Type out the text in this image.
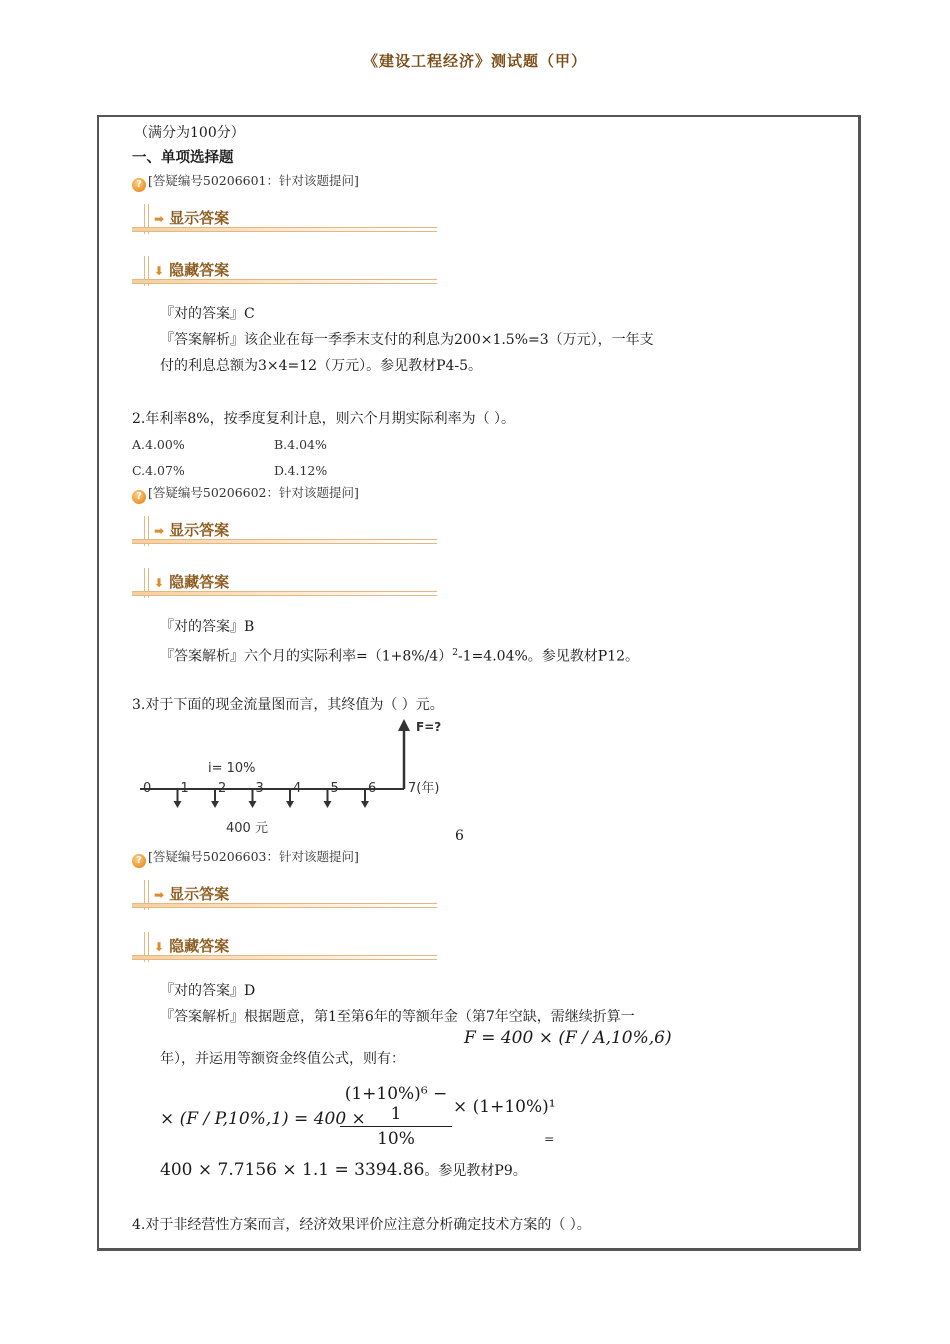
《建设工程经济》测试题（甲）
（满分为100分）
一、单项选择题
? [答疑编号50206601：针对该题提问]
➡ 显示答案
⬇ 隐藏答案
『对的答案』C
『答案解析』该企业在每一季季末支付的利息为200×1.5%=3（万元），一年支
付的利息总额为3×4=12（万元）。参见教材P4-5。
2.年利率8%，按季度复利计息，则六个月期实际利率为（ ）。
A.4.00%	B.4.04%
C.4.07%	D.4.12%
? [答疑编号50206602：针对该题提问]
➡ 显示答案
⬇ 隐藏答案
『对的答案』B
『答案解析』六个月的实际利率$=(1+8\%/4)^2-1=4.04\%$。参见教材P12。
3.对于下面的现金流量图而言，其终值为（ ）元。
F=?
i= 10%
0 1 2 3 4 5 6 7(年)
400 元	6
? [答疑编号50206603：针对该题提问]
➡ 显示答案
⬇ 隐藏答案
『对的答案』D
『答案解析』根据题意，第1至第6年的等额年金（第7年空缺，需继续折算一
F = 400 × (F / A,10%,6)
年），并运用等额资金终值公式，则有：
× (F / P,10%,1) = 400 ×
$\frac{\text{(1+10\%)⁶ − 1}}{10\%} \times (1+10\%)^1$
=
400 × 7.7156 × 1.1 = 3394.86。参见教材P9。
4.对于非经营性方案而言，经济效果评价应注意分析确定技术方案的（ ）。
